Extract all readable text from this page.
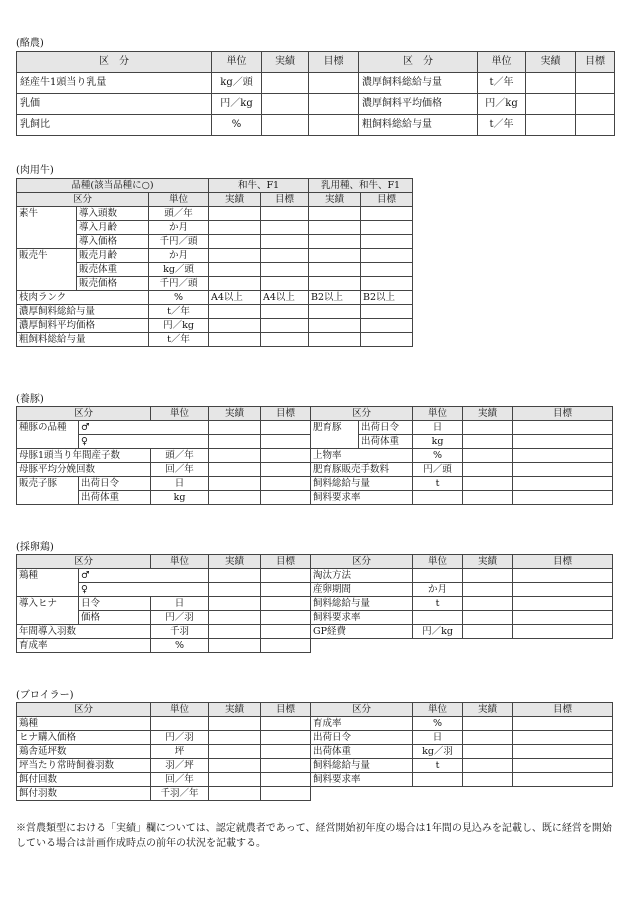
(酪農)
区　分	単位	実績	目標	区　分	単位	実績	目標
経産牛1頭当り乳量	kg／頭			濃厚飼料総給与量	t／年		
乳価	円／kg			濃厚飼料平均価格	円／kg		
乳飼比	%			粗飼料総給与量	t／年		
(肉用牛)
品種(該当品種に○)			和牛、F1		乳用種、和牛、F1	
区分		単位	実績	目標	実績	目標
素牛	導入頭数	頭／年				
	導入月齢	か月				
	導入価格	千円／頭				
販売牛	販売月齢	か月				
	販売体重	kg／頭				
	販売価格	千円／頭				
枝肉ランク		%	A4以上	A4以上	B2以上	B2以上
濃厚飼料総給与量		t／年				
濃厚飼料平均価格		円／kg				
粗飼料総給与量		t／年				
(養豚)
区分		単位	実績	目標	区分		単位	実績	目標
種豚の品種	♂				肥育豚	出荷日令	日		
	♀					出荷体重	kg		
母豚1頭当り年間産子数		頭／年			上物率		%		
母豚平均分娩回数		回／年			肥育豚販売手数料		円／頭		
販売子豚	出荷日令	日			飼料総給与量		t		
	出荷体重	kg			飼料要求率				
(採卵鶏)
区分		単位	実績	目標	区分	単位	実績	目標
鶏種	♂				淘汰方法			
	♀				産卵期間	か月		
導入ヒナ	日令	日			飼料総給与量	t		
	価格	円／羽			飼料要求率			
年間導入羽数		千羽			GP経費	円／kg		
育成率		%						
(ブロイラー)
区分	単位	実績	目標	区分	単位	実績	目標
鶏種				育成率	%		
ヒナ購入価格	円／羽			出荷日令	日		
鶏舎延坪数	坪			出荷体重	kg／羽		
坪当たり常時飼養羽数	羽／坪			飼料総給与量	t		
餌付回数	回／年			飼料要求率			
餌付羽数	千羽／年						
※営農類型における「実績」欄については、認定就農者であって、経営開始初年度の場合は1年間の見込みを記載し、既に経営を開始している場合は計画作成時点の前年の状況を記載する。
